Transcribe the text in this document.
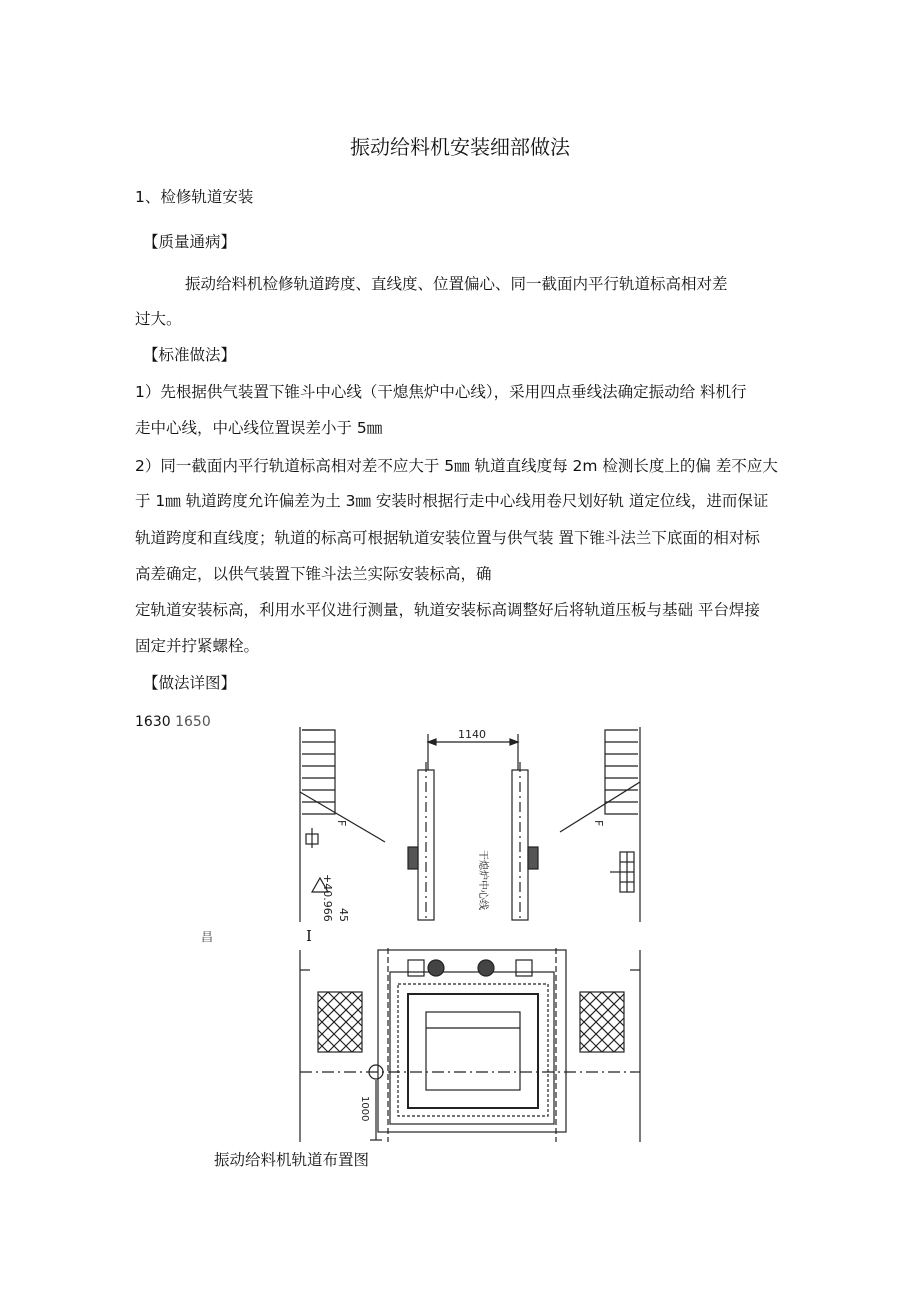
振动给料机安装细部做法
1、检修轨道安装
【质量通病】
振动给料机检修轨道跨度、直线度、位置偏心、同一截面内平行轨道标高相对差
过大。
【标准做法】
1）先根据供气装置下锥斗中心线（干熄焦炉中心线），采用四点垂线法确定振动给 料机行
走中心线，中心线位置误差小于 5㎜
2）同一截面内平行轨道标高相对差不应大于 5㎜ 轨道直线度每 2m 检测长度上的偏 差不应大
于 1㎜ 轨道跨度允许偏差为土 3㎜ 安装时根据行走中心线用卷尺划好轨 道定位线，进而保证
轨道跨度和直线度；轨道的标高可根据轨道安装位置与供气装 置下锥斗法兰下底面的相对标
高差确定，以供气装置下锥斗法兰实际安装标高，确
定轨道安装标高，利用水平仪进行测量，轨道安装标高调整好后将轨道压板与基础 平台焊接
固定并拧紧螺栓。
【做法详图】
1630 1650
昌	I
1140
干熄炉中心线
F	F
+40.966 45
1000
振动给料机轨道布置图
